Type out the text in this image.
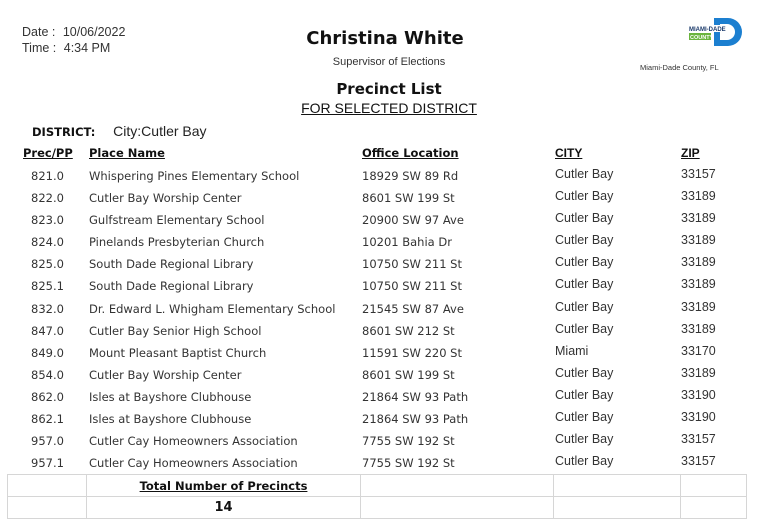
Date : 10/06/2022
Time : 4:34 PM	Christina White
Supervisor of Elections
Precinct List
FOR SELECTED DISTRICT
MIAMI-DADE
COUNTY
Miami-Dade County, FL
DISTRICT: City:Cutler Bay
Prec/PP Place Name	Office Location	CITY	ZIP
821.0 Whispering Pines Elementary School	18929 SW 89 Rd	Cutler Bay	33157
822.0 Cutler Bay Worship Center	8601 SW 199 St	Cutler Bay	33189
823.0 Gulfstream Elementary School	20900 SW 97 Ave	Cutler Bay	33189
824.0 Pinelands Presbyterian Church	10201 Bahia Dr	Cutler Bay	33189
825.0 South Dade Regional Library	10750 SW 211 St	Cutler Bay	33189
825.1 South Dade Regional Library	10750 SW 211 St	Cutler Bay	33189
832.0 Dr. Edward L. Whigham Elementary School 21545 SW 87 Ave	Cutler Bay	33189
847.0 Cutler Bay Senior High School	8601 SW 212 St	Cutler Bay	33189
849.0 Mount Pleasant Baptist Church	11591 SW 220 St	Miami	33170
854.0 Cutler Bay Worship Center	8601 SW 199 St	Cutler Bay	33189
862.0 Isles at Bayshore Clubhouse	21864 SW 93 Path	Cutler Bay	33190
862.1 Isles at Bayshore Clubhouse	21864 SW 93 Path	Cutler Bay	33190
957.0 Cutler Cay Homeowners Association	7755 SW 192 St	Cutler Bay	33157
957.1 Cutler Cay Homeowners Association	7755 SW 192 St	Cutler Bay	33157
	Total Number of Precincts			
	14			
